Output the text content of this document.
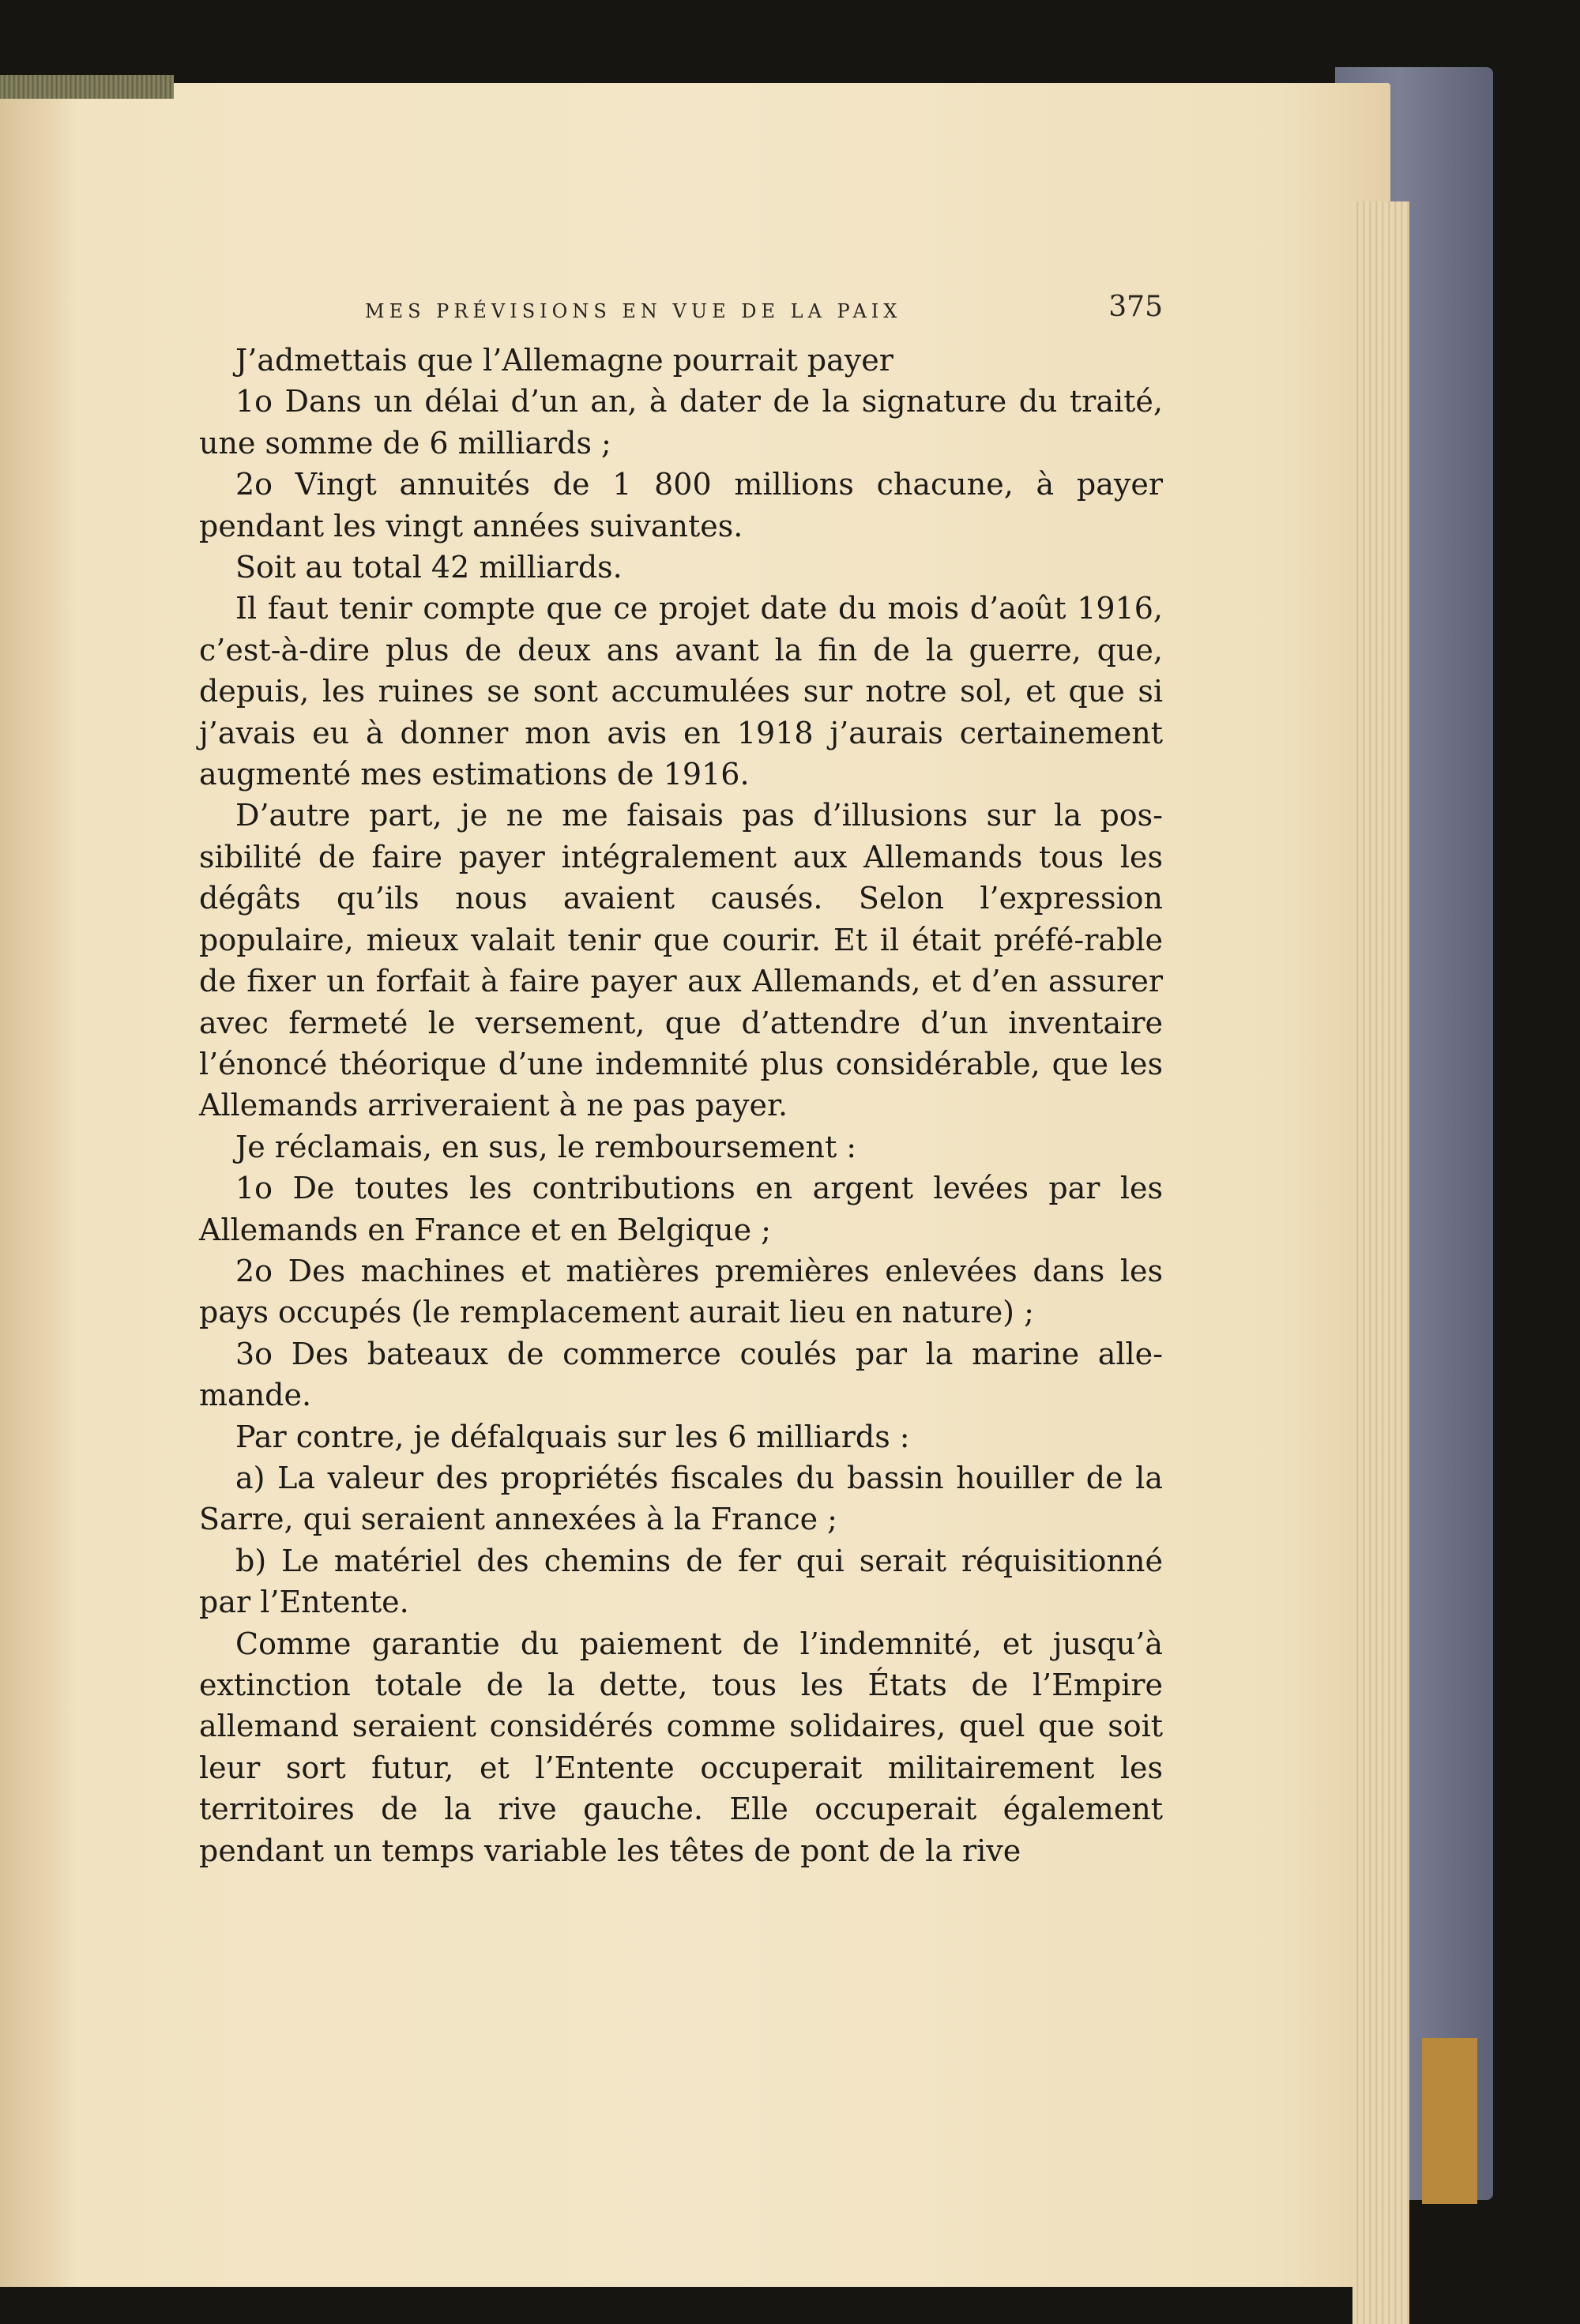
MES PRÉVISIONS EN VUE DE LA PAIX	375

J’admettais que l’Allemagne pourrait payer

1o Dans un délai d’un an, à dater de la signature du traité, une somme de 6 milliards ;

2o Vingt annuités de 1 800 millions chacune, à payer pendant les vingt années suivantes.

Soit au total 42 milliards.

Il faut tenir compte que ce projet date du mois d’août 1916, c’est-à-dire plus de deux ans avant la fin de la guerre, que, depuis, les ruines se sont accumulées sur notre sol, et que si j’avais eu à donner mon avis en 1918 j’aurais certainement augmenté mes estimations de 1916.

D’autre part, je ne me faisais pas d’illusions sur la pos-sibilité de faire payer intégralement aux Allemands tous les dégâts qu’ils nous avaient causés. Selon l’expression populaire, mieux valait tenir que courir. Et il était préfé-rable de fixer un forfait à faire payer aux Allemands, et d’en assurer avec fermeté le versement, que d’attendre d’un inventaire l’énoncé théorique d’une indemnité plus considérable, que les Allemands arriveraient à ne pas payer.

Je réclamais, en sus, le remboursement :

1o De toutes les contributions en argent levées par les Allemands en France et en Belgique ;

2o Des machines et matières premières enlevées dans les pays occupés (le remplacement aurait lieu en nature) ;

3o Des bateaux de commerce coulés par la marine alle-mande.

Par contre, je défalquais sur les 6 milliards :

a) La valeur des propriétés fiscales du bassin houiller de la Sarre, qui seraient annexées à la France ;

b) Le matériel des chemins de fer qui serait réquisitionné par l’Entente.

Comme garantie du paiement de l’indemnité, et jusqu’à extinction totale de la dette, tous les États de l’Empire allemand seraient considérés comme solidaires, quel que soit leur sort futur, et l’Entente occuperait militairement les territoires de la rive gauche. Elle occuperait également pendant un temps variable les têtes de pont de la rive
